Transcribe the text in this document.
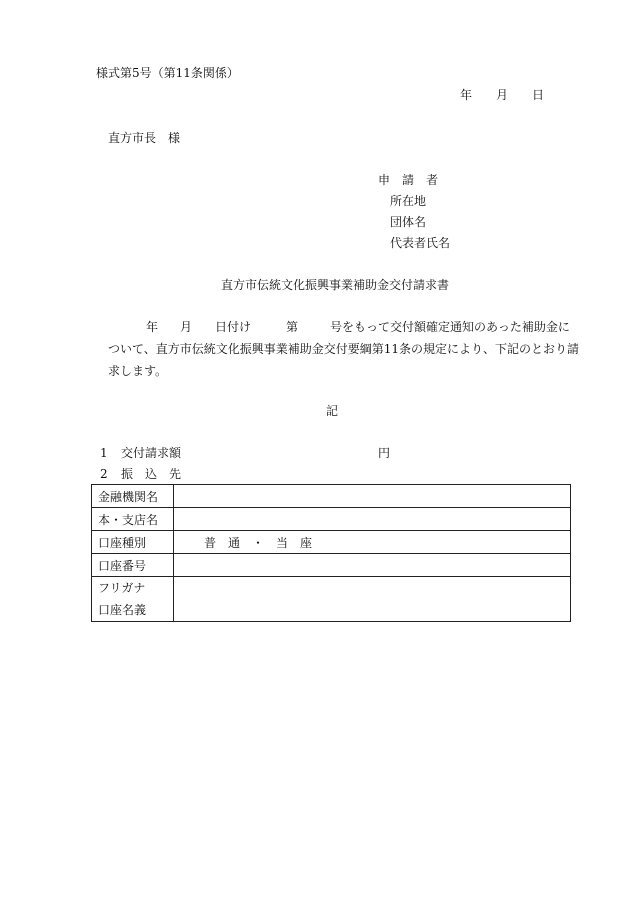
様式第5号（第11条関係）
年 月 日
直方市長 様
申　請　者
所在地
団体名
代表者氏名
直方市伝統文化振興事業補助金交付請求書
年 月 日付け	第	号をもって交付額確定通知のあった補助金に
ついて、直方市伝統文化振興事業補助金交付要綱第11条の規定により、下記のとおり請
求します。
記
1 交付請求額	円
2 振　込　先
金融機関名	
本・支店名	
口座種別	普　通　・　当　座
口座番号	

フリガナ
口座名義	
